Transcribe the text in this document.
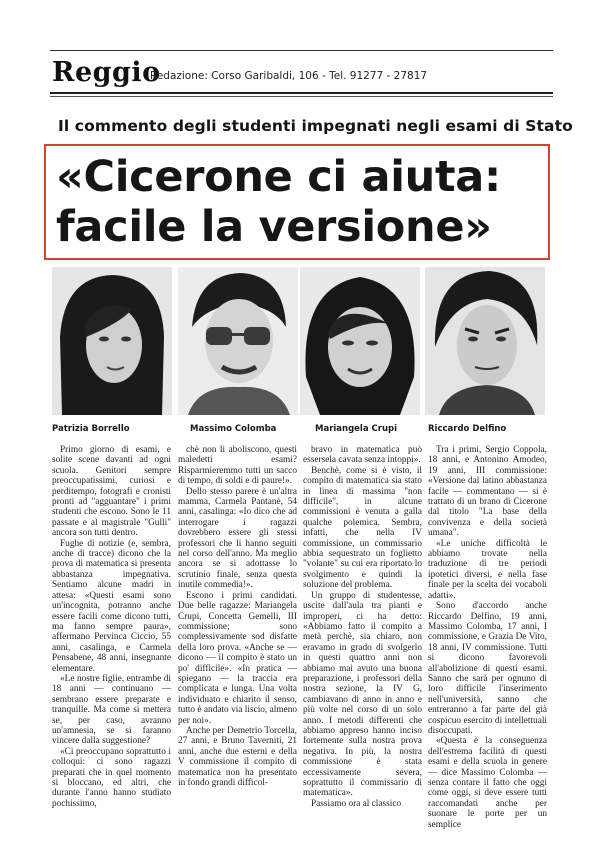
Reggio
Redazione: Corso Garibaldi, 106 - Tel. 91277 - 27817
Il commento degli studenti impegnati negli esami di Stato
«Cicerone ci aiuta:
facile la versione»
Patrizia Borrello	Massimo Colomba	Mariangela Crupi	Riccardo Delfino

Primo giorno di esami, e solite scene davanti ad ogni scuola. Genitori sempre preoccupatissimi, curiosi e perditempo, fotografi e cronisti pronti ad "agguantare" i primi studenti che escono. Sono le 11 passate e al magistrale "Gulli" ancora son tutti dentro.

Fughe di notizie (e, sembra, anche di tracce) dicono che la prova di matematica si presenta abbastanza impegnativa. Sentiamo alcune madri in attesa: «Questi esami sono un'incognita, potranno anche essere facili come dicono tutti, ma fanno sempre paura», affermano Pervinca Ciccio, 55 anni, casalinga, e Carmela Pensabene, 48 anni, insegnante elementare.

«Le nostre figlie, entrambe di 18 anni — continuano — sembrano essere preparate e tranquille. Ma come si mettera se, per caso, avranno un'amnesia, se si faranno vincere dalla suggestione?

«Ci preoccupano soprattutto i colloqui: ci sono ragazzi preparati che in quel momento si bloccano, ed altri, che durante l'anno hanno studiato pochissimo,

chè non li aboliscono, questi maledetti esami? Risparmieremmo tutti un sacco di tempo, di soldi e di paure!».

Dello stesso parere è un'altra mamma, Carmela Pantanè, 54 anni, casalinga: «Io dico che ad interrogare i ragazzi dovrebbero essere gli stessi professori che li hanno seguiti nel corso dell'anno. Ma meglio ancora se si adottasse lo scrutinio finale, senza questa inutile commedia!».

Escono i primi candidati. Due belle ragazze: Mariangela Crupi, Concetta Gemelli, III commissione; sono complessivamente sod disfatte della loro prova. «Anche se — dicono — il compito è stato un po' difficile». «In pratica — spiegano — la traccia era complicata e lunga. Una volta individuato e chiarito il senso, tutto è andato via liscio, almeno per noi».

Anche per Demetrio Torcella, 27 anni, e Bruno Taverniti, 21 anni, anche due esterni e della V commissione il compito di matematica non ha presentato in fondo grandi difficol-

bravo in matematica può essersela cavata senza intoppi».

Benchè, come si è visto, il compito di matematica sia stato in linea di massima "non difficile", in alcune commissioni è venuta a galla qualche polemica. Sembra, infatti, che nella IV commissione, un commissario abbia sequestrato un foglietto "volante" su cui era riportato lo svolgimento e quindi la soluzione del problema.

Un gruppo di studentesse, uscite dall'aula tra pianti e improperi, ci ha detto: «Abbiamo fatto il compito a metà perchè, sia chiaro, non eravamo in grado di svolgerlo in questi quattro anni non abbiamo mai avuto una buona preparazione, i professori della nostra sezione, la IV G, cambiavano di anno in anno e più volte nel corso di un solo anno. I metodi differenti che abbiamo appreso hanno inciso fortemente sulla nostra prova negativa. In più, la nostra commissione è stata eccessivamente severa, soprattutto il commissario di matematica».

Passiamo ora al classico

Tra i primi, Sergio Coppola, 18 anni, e Antonino Amodeo, 19 anni, III commissione: «Versione dal latino abbastanza facile — commentano — si è trattato di un brano di Cicerone dal titolo "La base della convivenza e della società umana".

«Le uniche difficoltà le abbiamo trovate nella traduzione di tre periodi ipotetici diversi, e nella fase finale per la scelta dei vocaboli adatti».

Sono d'accordo anche Riccardo Delfino, 19 anni, Massimo Colomba, 17 anni, I commissione, e Grazia De Vito, 18 anni, IV commissione. Tutti si dicono favorevoli all'abolizione di questi esami. Sanno che sarà per ognuno di loro difficile l'inserimento nell'università, sanno che entreranno a far parte del già cospicuo esercito di intellettuali disoccupati.

«Questa è la conseguenza dell'estrema facilità di questi esami e della scuola in genere — dice Massimo Colomba — senza contare il fatto che oggi come oggi, si deve essere tutti raccomandati anche per suonare le porte per un semplice
